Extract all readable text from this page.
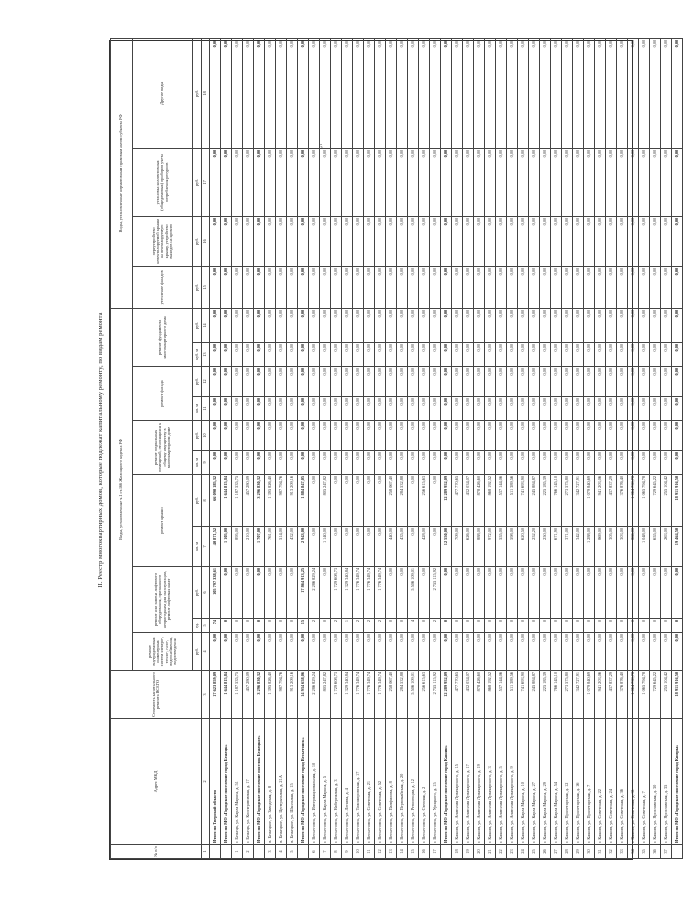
6
II. Реестр многоквартирных домов, которые подлежат капитальному ремонту, по видам ремонта
№ п/п	Адрес МКД	Стоимость капитального ремонта ВСЕГО	Виды, установленные ч.1 ст.166 Жилищного кодекса РФ											Виды, установленные нормативным правовым актом субъекта РФ			
			ремонт внутридомовых инженерных систем электро-, тепло-, газо-, водоснабжения, водоотведения	ремонт или замена лифтового оборудования, признанного непригодным для эксплуатации, ремонт лифтовых шахт		ремонт крыши		ремонт подвальных помещений, относящихся к общему имуществу в многоквартирном доме		ремонт фасада		ремонт фундамента многоквартирного дома		утепление фасадов	переустройство невентилируемой крыши на вентилируемую крышу, устройство выходов на кровлю	установка коллективных (общедомовых) приборов учета потребления ресурсов	Другие виды
			руб.	ед.	руб.	кв. м	руб.	кв. м	руб.	кв. м	руб.	куб. м	руб.	руб.	руб.	руб.	руб.
1	2	3	4	5	6	7	8	9	10	11	12	13	14	15	16	17	18
	Итого по Тверской области	17 623 859,09	0,00	74	105 797 338,61	40 871,52	66 090 185,32	0,00	0,00	0,00	0,00	0,00	0,00	0,00	0,00	0,00	0,00
	Итого по МО «Городское поселение город Бежецк»	1 644 815,84	0,00	0	0,00	1 105,00	1 644 815,84	0,00	0,00	0,00	0,00	0,00	0,00	0,00	0,00	0,00	0,00
1	г. Бежецк, ул. Карла Маркса, д. 51	1 187 535,75	0,00	0	0,00	895,00	1 187 535,75	0,00	0,00	0,00	0,00	0,00	0,00	0,00	0,00	0,00	0,00
2	г. Бежецк, ул. Кооперативная, д. 17	457 280,09	0,00	0	0,00	210,00	457 280,09	0,00	0,00	0,00	0,00	0,00	0,00	0,00	0,00	0,00	0,00
	Итого по МО «Городское поселение поселок Бежецкое»	3 296 830,32	0,00	0	0,00	1 707,00	3 296 830,32	0,00	0,00	0,00	0,00	0,00	0,00	0,00	0,00	0,00	0,00
3	п. Бежецкое, ул. Заводская, д. 8	1 395 826,40	0,00	0	0,00	761,00	1 395 826,40	0,00	0,00	0,00	0,00	0,00	0,00	0,00	0,00	0,00	0,00
4	п. Бежецкое, ул. Центральная, д. 21А	987 794,76	0,00	0	0,00	514,00	987 794,76	0,00	0,00	0,00	0,00	0,00	0,00	0,00	0,00	0,00	0,00
5	п. Бежецкое, ул. Школьная, д. 15	913 209,16	0,00	0	0,00	432,00	913 209,16	0,00	0,00	0,00	0,00	0,00	0,00	0,00	0,00	0,00	0,00
	Итого по МО «Городское поселение город Весьегонск»	14 934 658,06	0,00	15	17 864 913,25	2 943,00	1 884 847,05	0,00	0,00	0,00	0,00	0,00	0,00	0,00	0,00	0,00	0,00
6	г. Весьегонск, ул. Интернациональная, д. 10	2 286 829,24	0,00	2	2 286 829,24	0,00	0,00	0,00	0,00	0,00	0,00	0,00	0,00	0,00	0,00	0,00	0,00
7	г. Весьегонск, ул. Карла Маркса, д. 5	805 247,82	0,00	0	0,00	1 140,00	805 247,82	0,00	0,00	0,00	0,00	0,00	0,00	0,00	0,00	0,00	0,00
8	г. Весьегонск, ул. Набережная, д. 3	1 729 608,73	0,00	2	1 729 608,73	0,00	0,00	0,00	0,00	0,00	0,00	0,00	0,00	0,00	0,00	0,00	0,00
9	г. Весьегонск, ул. Ленина, д. 4	1 329 340,84	0,00	1	1 329 340,84	0,00	0,00	0,00	0,00	0,00	0,00	0,00	0,00	0,00	0,00	0,00	0,00
10	г. Весьегонск, ул. Тихомировская, д. 17	1 776 349,74	0,00	2	1 776 349,74	0,00	0,00	0,00	0,00	0,00	0,00	0,00	0,00	0,00	0,00	0,00	0,00
11	г. Весьегонск, ул. Советская, д. 21	1 776 349,74	0,00	2	1 776 349,74	0,00	0,00	0,00	0,00	0,00	0,00	0,00	0,00	0,00	0,00	0,00	0,00
12	г. Весьегонск, ул. Советская, д. 52	1 776 349,74	0,00	2	1 776 349,74	0,00	0,00	0,00	0,00	0,00	0,00	0,00	0,00	0,00	0,00	0,00	0,00
13	г. Весьегонск, ул. Панфилова, д. 8	258 067,40	0,00	0	0,00	440,00	258 067,40	0,00	0,00	0,00	0,00	0,00	0,00	0,00	0,00	0,00	0,00
14	г. Весьегонск, ул. Первомайская, д. 20	284 532,88	0,00	0	0,00	435,00	284 532,88	0,00	0,00	0,00	0,00	0,00	0,00	0,00	0,00	0,00	0,00
15	г. Весьегонск, ул. Революции, д. 12	5 506 109,01	0,00	4	5 506 109,01	0,00	0,00	0,00	0,00	0,00	0,00	0,00	0,00	0,00	0,00	0,00	0,00
16	г. Весьегонск, ул. Степная, д. 2	256 615,63	0,00	0	0,00	428,00	256 615,63	0,00	0,00	0,00	0,00	0,00	0,00	0,00	0,00	0,00	0,00
17	г. Весьегонск, ул. Урицкого, д. 15	2 755 115,92	0,00	2	2 755 115,92	0,00	0,00	0,00	0,00	0,00	0,00	0,00	0,00	0,00	0,00	0,00	0,00
	Итого по МО «Городское поселение город Кашин»	12 289 952,09	0,00	0	0,00	12 550,00	12 289 952,09	0,00	0,00	0,00	0,00	0,00	0,00	0,00	0,00	0,00	0,00
18	г. Кашин, ул. Анатолия Луначарского, д. 15	477 770,65	0,00	0	0,00	709,00	477 770,65	0,00	0,00	0,00	0,00	0,00	0,00	0,00	0,00	0,00	0,00
19	г. Кашин, ул. Анатолия Луначарского, д. 17	432 034,07	0,00	0	0,00	626,00	432 034,07	0,00	0,00	0,00	0,00	0,00	0,00	0,00	0,00	0,00	0,00
20	г. Кашин, ул. Анатолия Луначарского, д. 19	878 426,60	0,00	0	0,00	888,00	878 426,60	0,00	0,00	0,00	0,00	0,00	0,00	0,00	0,00	0,00	0,00
21	г. Кашин, ул. Анатолия Луначарского, д. 3	868 192,52	0,00	0	0,00	972,00	868 192,52	0,00	0,00	0,00	0,00	0,00	0,00	0,00	0,00	0,00	0,00
22	г. Кашин, ул. Анатолия Луначарского, д. 5	537 144,06	0,00	0	0,00	555,00	537 144,06	0,00	0,00	0,00	0,00	0,00	0,00	0,00	0,00	0,00	0,00
23	г. Кашин, ул. Анатолия Луначарского, д. 9	511 389,56	0,00	0	0,00	598,00	511 389,56	0,00	0,00	0,00	0,00	0,00	0,00	0,00	0,00	0,00	0,00
24	г. Кашин, ул. Карла Маркса, д. 10	741 693,90	0,00	0	0,00	620,50	741 693,90	0,00	0,00	0,00	0,00	0,00	0,00	0,00	0,00	0,00	0,00
25	г. Кашин, ул. Карла Маркса, д. 27	245 884,87	0,00	0	0,00	252,20	245 884,87	0,00	0,00	0,00	0,00	0,00	0,00	0,00	0,00	0,00	0,00
26	г. Кашин, ул. Карла Маркса, д. 29	225 185,39	0,00	0	0,00	250,00	225 185,39	0,00	0,00	0,00	0,00	0,00	0,00	0,00	0,00	0,00	0,00
27	г. Кашин, ул. Карла Маркса, д. 54	766 145,10	0,00	0	0,00	671,90	766 145,10	0,00	0,00	0,00	0,00	0,00	0,00	0,00	0,00	0,00	0,00
28	г. Кашин, ул. Пролетарская, д. 12	273 575,80	0,00	0	0,00	371,00	273 575,80	0,00	0,00	0,00	0,00	0,00	0,00	0,00	0,00	0,00	0,00
29	г. Кашин, ул. Пролетарская, д. 16	342 727,91	0,00	0	0,00	342,00	342 727,91	0,00	0,00	0,00	0,00	0,00	0,00	0,00	0,00	0,00	0,00
30	г. Кашин, ул. Пролетарская, д. 7	1 079 840,69	0,00	0	0,00	1 288,00	1 079 840,69	0,00	0,00	0,00	0,00	0,00	0,00	0,00	0,00	0,00	0,00
31	г. Кашин, ул. Советская, д. 22	941 203,06	0,00	0	0,00	869,00	941 203,06	0,00	0,00	0,00	0,00	0,00	0,00	0,00	0,00	0,00	0,00
32	г. Кашин, ул. Советская, д. 24	437 837,29	0,00	0	0,00	305,00	437 837,29	0,00	0,00	0,00	0,00	0,00	0,00	0,00	0,00	0,00	0,00
33	г. Кашин, ул. Советская, д. 36	376 876,40	0,00	0	0,00	303,00	376 876,40	0,00	0,00	0,00	0,00	0,00	0,00	0,00	0,00	0,00	0,00
34	г. Кашин, ул. Советская, д. 31	1 064 739,78	0,00	0	0,00	866,00	1 064 739,78	0,00	0,00	0,00	0,00	0,00	0,00	0,00	0,00	0,00	0,00
35	г. Кашин, ул. Советская, д. 7	1 065 794,78	0,00	0	0,00	1 048,00	1 065 794,78	0,00	0,00	0,00	0,00	0,00	0,00	0,00	0,00	0,00	0,00
36	г. Кашин, ул. Ярославская, д. 30	729 645,22	0,00	0	0,00	655,00	729 645,22	0,00	0,00	0,00	0,00	0,00	0,00	0,00	0,00	0,00	0,00
37	г. Кашин, ул. Ярославская, д. 35	255 104,42	0,00	0	0,00	263,00	255 104,42	0,00	0,00	0,00	0,00	0,00	0,00	0,00	0,00	0,00	0,00
	Итого по МО «Городское поселение город Кимры»	18 911 916,50	0,00	0	0,00	19 464,50	18 911 916,50	0,00	0,00	0,00	0,00	0,00	0,00	0,00	0,00	0,00	0,00
